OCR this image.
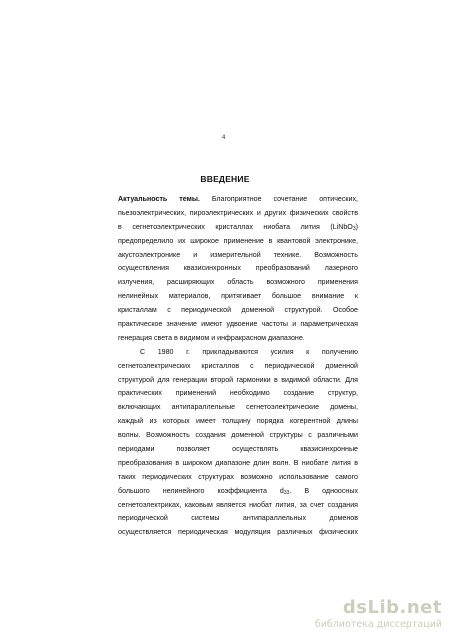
4
ВВЕДЕНИЕ
Актуальность темы. Благоприятное сочетание оптических,
пьезоэлектрических, пироэлектрических и других физических свойств
в сегнетоэлектрических кристаллах ниобата лития (LiNbO$_3$)
предопределило их широкое применение в квантовой электронике,
акустоэлектронике и измерительной технике. Возможность
осуществления квазисинхронных преобразований лазерного
излучения, расширяющих область возможного применения
нелинейных материалов, притягивает большое внимание к
кристаллам с периодической доменной структурой. Особое
практическое значение имеют удвоение частоты и параметрическая
генерация света в видимом и инфракрасном диапазоне.
С 1980 г. прикладываются усилия к получению
сегнетоэлектрических кристаллов с периодической доменной
структурой для генерации второй гармоники в видимой области. Для
практических применений необходимо создание структур,
включающих антипараллельные сегнетоэлектрические домены,
каждый из которых имеет толщину порядка когерентной длины
волны. Возможность создания доменной структуры с различными
периодами позволяет осуществлять квазисинхронные
преобразования в широком диапазоне длин волн. В ниобате лития в
таких периодических структурах возможно использование самого
большого нелинейного коэффициента $d_{33}$. В одноосных
сегнетоэлектриках, каковым является ниобат лития, за счет создания
периодической системы антипараллельных доменов
осуществляется периодическая модуляция различных физических
dsLib.net
библиотека диссертаций
